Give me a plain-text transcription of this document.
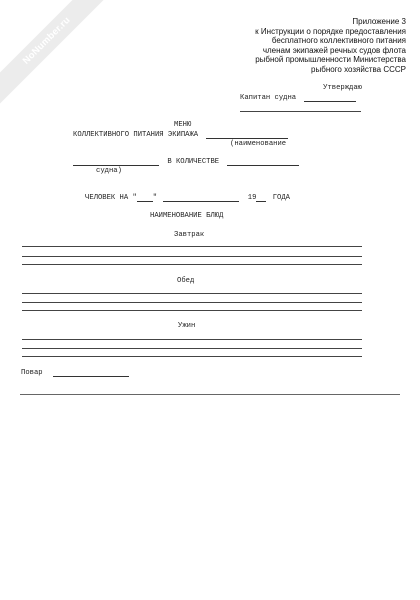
NoNumber.ru	Приложение 3
к Инструкции о порядке предоставления
бесплатного коллективного питания
членам экипажей речных судов флота
рыбной промышленности Министерства
рыбного хозяйства СССР
Утверждаю
Капитан судна
МЕНЮ
КОЛЛЕКТИВНОГО ПИТАНИЯ ЭКИПАЖА
(наименование
В КОЛИЧЕСТВЕ
судна)
ЧЕЛОВЕК НА " "	19 ГОДА
НАИМЕНОВАНИЕ БЛЮД
Завтрак
Обед
Ужин
Повар
